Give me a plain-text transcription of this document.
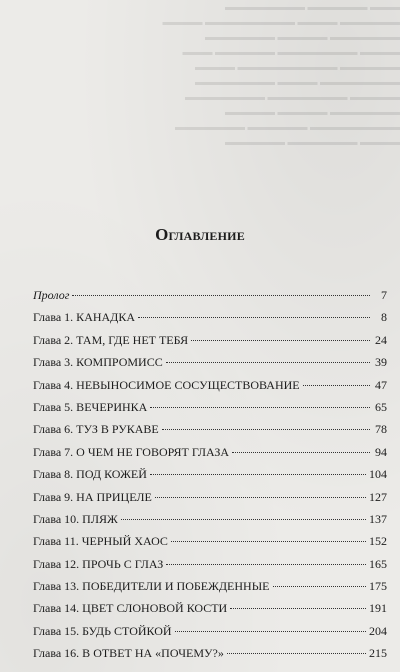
▬▬▬ ▬▬▬▬▬▬ ▬▬▬▬▬▬▬▬
▬▬▬▬▬▬ ▬▬▬▬ ▬▬▬▬▬▬▬▬▬ ▬▬▬▬
▬▬▬▬▬▬▬ ▬▬▬▬▬ ▬▬▬▬▬▬▬
▬▬▬▬ ▬▬▬▬▬▬▬▬ ▬▬▬▬▬▬ ▬▬▬
▬▬▬▬▬▬ ▬▬▬▬▬▬▬▬▬▬ ▬▬▬▬
▬▬▬▬▬▬▬▬ ▬▬▬▬ ▬▬▬▬▬▬▬▬
▬▬▬▬▬ ▬▬▬▬▬▬▬▬ ▬▬▬▬▬▬▬▬
▬▬▬▬▬▬▬ ▬▬▬▬▬ ▬▬▬▬▬
▬▬▬▬▬▬▬▬▬ ▬▬▬▬▬▬ ▬▬▬▬▬▬▬
▬▬▬▬ ▬▬▬▬▬▬▬ ▬▬▬▬▬▬
Оглавление
Пролог	7
Глава 1. КАНАДКА	8
Глава 2. ТАМ, ГДЕ НЕТ ТЕБЯ	24
Глава 3. КОМПРОМИСС	39
Глава 4. НЕВЫНОСИМОЕ СОСУЩЕСТВОВАНИЕ	47
Глава 5. ВЕЧЕРИНКА	65
Глава 6. ТУЗ В РУКАВЕ	78
Глава 7. О ЧЕМ НЕ ГОВОРЯТ ГЛАЗА	94
Глава 8. ПОД КОЖЕЙ	104
Глава 9. НА ПРИЦЕЛЕ	127
Глава 10. ПЛЯЖ	137
Глава 11. ЧЕРНЫЙ ХАОС	152
Глава 12. ПРОЧЬ С ГЛАЗ	165
Глава 13. ПОБЕДИТЕЛИ И ПОБЕЖДЕННЫЕ	175
Глава 14. ЦВЕТ СЛОНОВОЙ КОСТИ	191
Глава 15. БУДЬ СТОЙКОЙ	204
Глава 16. В ОТВЕТ НА «ПОЧЕМУ?»	215
